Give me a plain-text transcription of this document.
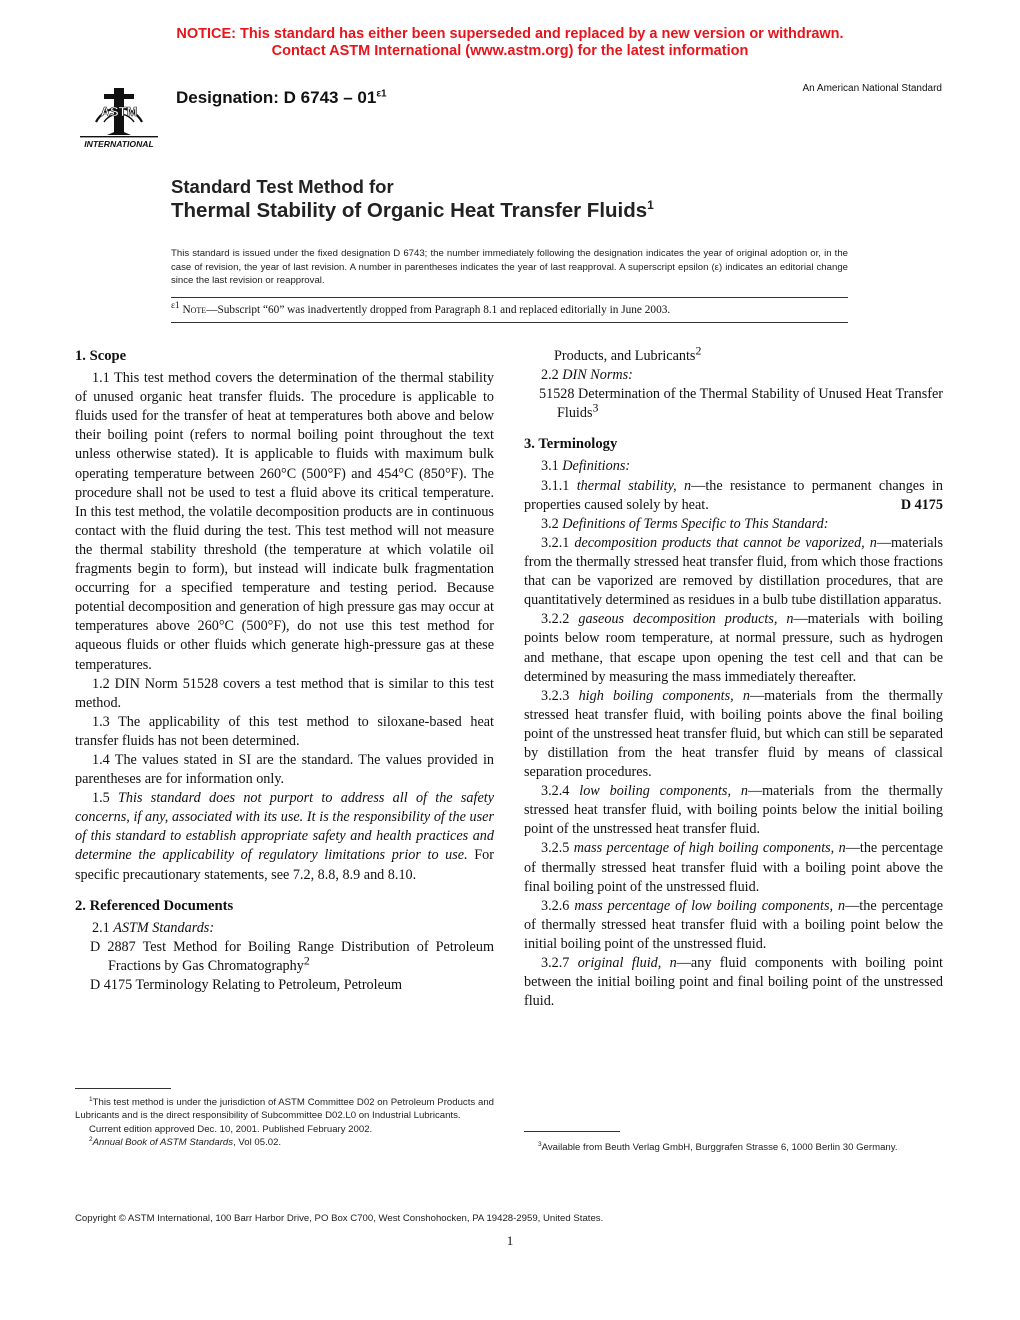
NOTICE: This standard has either been superseded and replaced by a new version or withdrawn.
Contact ASTM International (www.astm.org) for the latest information
ASTM
INTERNATIONAL
Designation: D $6743 - 01^{\varepsilon 1}$	An American National Standard
Standard Test Method for
Thermal Stability of Organic Heat Transfer Fluids$^1$
This standard is issued under the fixed designation D 6743; the number immediately following the designation indicates the year of original adoption or, in the case of revision, the year of last revision. A number in parentheses indicates the year of last reapproval. A superscript epsilon (ε) indicates an editorial change since the last revision or reapproval.
$^{\varepsilon 1}$ Note—Subscript “60” was inadvertently dropped from Paragraph 8.1 and replaced editorially in June 2003.
1. Scope

1.1 This test method covers the determination of the thermal stability of unused organic heat transfer fluids. The procedure is applicable to fluids used for the transfer of heat at temperatures both above and below their boiling point (refers to normal boiling point throughout the text unless otherwise stated). It is applicable to fluids with maximum bulk operating temperature between 260°C (500°F) and 454°C (850°F). The procedure shall not be used to test a fluid above its critical temperature. In this test method, the volatile decomposition products are in continuous contact with the fluid during the test. This test method will not measure the thermal stability threshold (the temperature at which volatile oil fragments begin to form), but instead will indicate bulk fragmentation occurring for a specified temperature and testing period. Because potential decomposition and generation of high pressure gas may occur at temperatures above 260°C (500°F), do not use this test method for aqueous fluids or other fluids which generate high-pressure gas at these temperatures.

1.2 DIN Norm 51528 covers a test method that is similar to this test method.

1.3 The applicability of this test method to siloxane-based heat transfer fluids has not been determined.

1.4 The values stated in SI are the standard. The values provided in parentheses are for information only.

1.5 This standard does not purport to address all of the safety concerns, if any, associated with its use. It is the responsibility of the user of this standard to establish appropriate safety and health practices and determine the applicability of regulatory limitations prior to use. For specific precautionary statements, see 7.2, 8.8, 8.9 and 8.10.

2. Referenced Documents

2.1 ASTM Standards:

D 2887 Test Method for Boiling Range Distribution of Petroleum Fractions by Gas Chromatography$^2$

D 4175 Terminology Relating to Petroleum, Petroleum

Products, and Lubricants$^2$

2.2 DIN Norms:

51528 Determination of the Thermal Stability of Unused Heat Transfer Fluids$^3$

3. Terminology

3.1 Definitions:

3.1.1 thermal stability, n—the resistance to permanent changes in properties caused solely by heat.	D 4175

3.2 Definitions of Terms Specific to This Standard:

3.2.1 decomposition products that cannot be vaporized, n—materials from the thermally stressed heat transfer fluid, from which those fractions that can be vaporized are removed by distillation procedures, that are quantitatively determined as residues in a bulb tube distillation apparatus.

3.2.2 gaseous decomposition products, n—materials with boiling points below room temperature, at normal pressure, such as hydrogen and methane, that escape upon opening the test cell and that can be determined by measuring the mass immediately thereafter.

3.2.3 high boiling components, n—materials from the thermally stressed heat transfer fluid, with boiling points above the final boiling point of the unstressed heat transfer fluid, but which can still be separated by distillation from the heat transfer fluid by means of classical separation procedures.

3.2.4 low boiling components, n—materials from the thermally stressed heat transfer fluid, with boiling points below the initial boiling point of the unstressed heat transfer fluid.

3.2.5 mass percentage of high boiling components, n—the percentage of thermally stressed heat transfer fluid with a boiling point above the final boiling point of the unstressed fluid.

3.2.6 mass percentage of low boiling components, n—the percentage of thermally stressed heat transfer fluid with a boiling point below the initial boiling point of the unstressed fluid.

3.2.7 original fluid, n—any fluid components with boiling point between the initial boiling point and final boiling point of the unstressed fluid.

$^1$This test method is under the jurisdiction of ASTM Committee D02 on Petroleum Products and Lubricants and is the direct responsibility of Subcommittee D02.L0 on Industrial Lubricants.

Current edition approved Dec. 10, 2001. Published February 2002.

$^2$Annual Book of ASTM Standards, Vol 05.02.	$^3$Available from Beuth Verlag GmbH, Burggrafen Strasse 6, 1000 Berlin 30 Germany.

Copyright © ASTM International, 100 Barr Harbor Drive, PO Box C700, West Conshohocken, PA 19428-2959, United States.
1
